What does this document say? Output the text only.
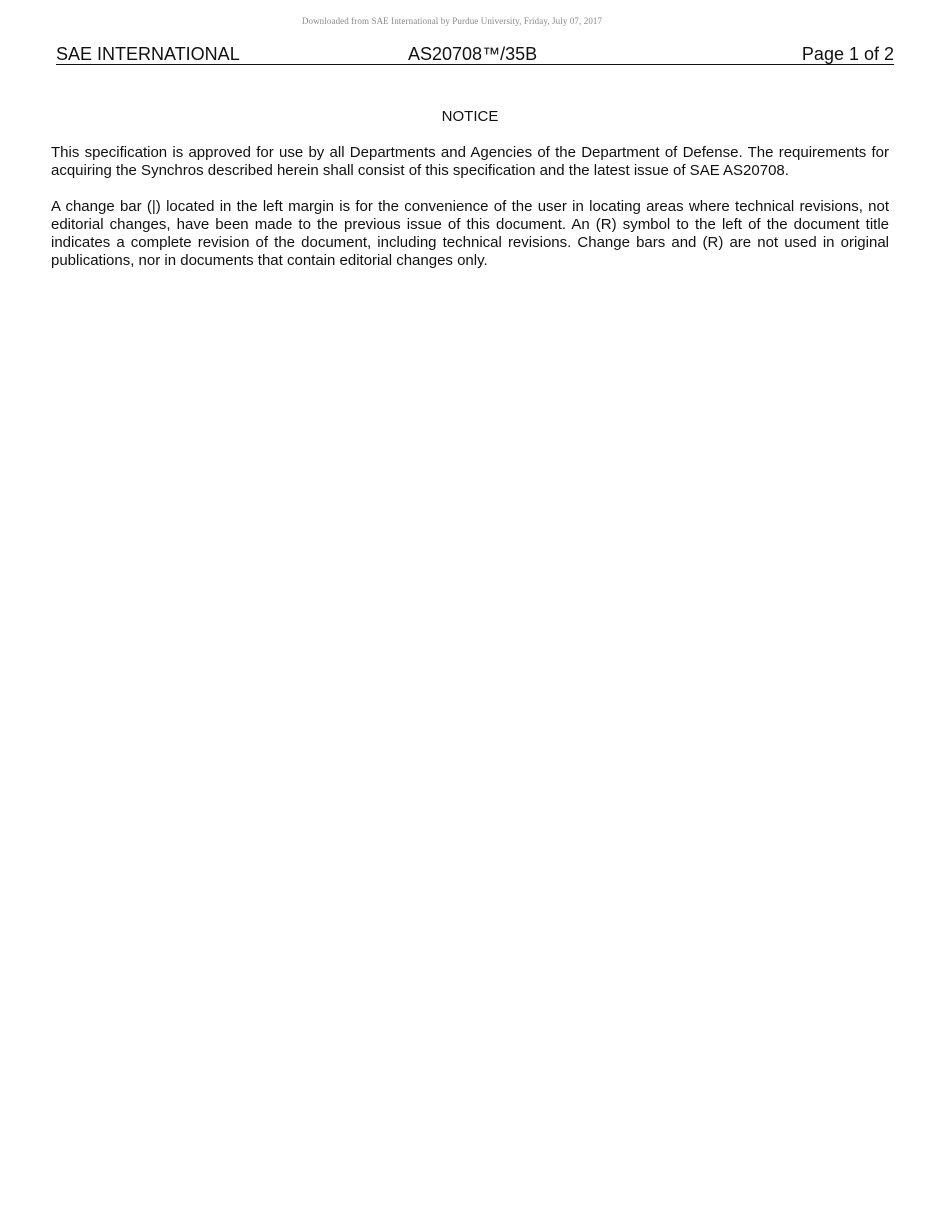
Downloaded from SAE International by Purdue University, Friday, July 07, 2017
SAE INTERNATIONAL	AS20708™/35B	Page 1 of 2
NOTICE

This specification is approved for use by all Departments and Agencies of the Department of Defense. The requirements for acquiring the Synchros described herein shall consist of this specification and the latest issue of SAE AS20708.

A change bar (|) located in the left margin is for the convenience of the user in locating areas where technical revisions, not editorial changes, have been made to the previous issue of this document. An (R) symbol to the left of the document title indicates a complete revision of the document, including technical revisions. Change bars and (R) are not used in original publications, nor in documents that contain editorial changes only.
